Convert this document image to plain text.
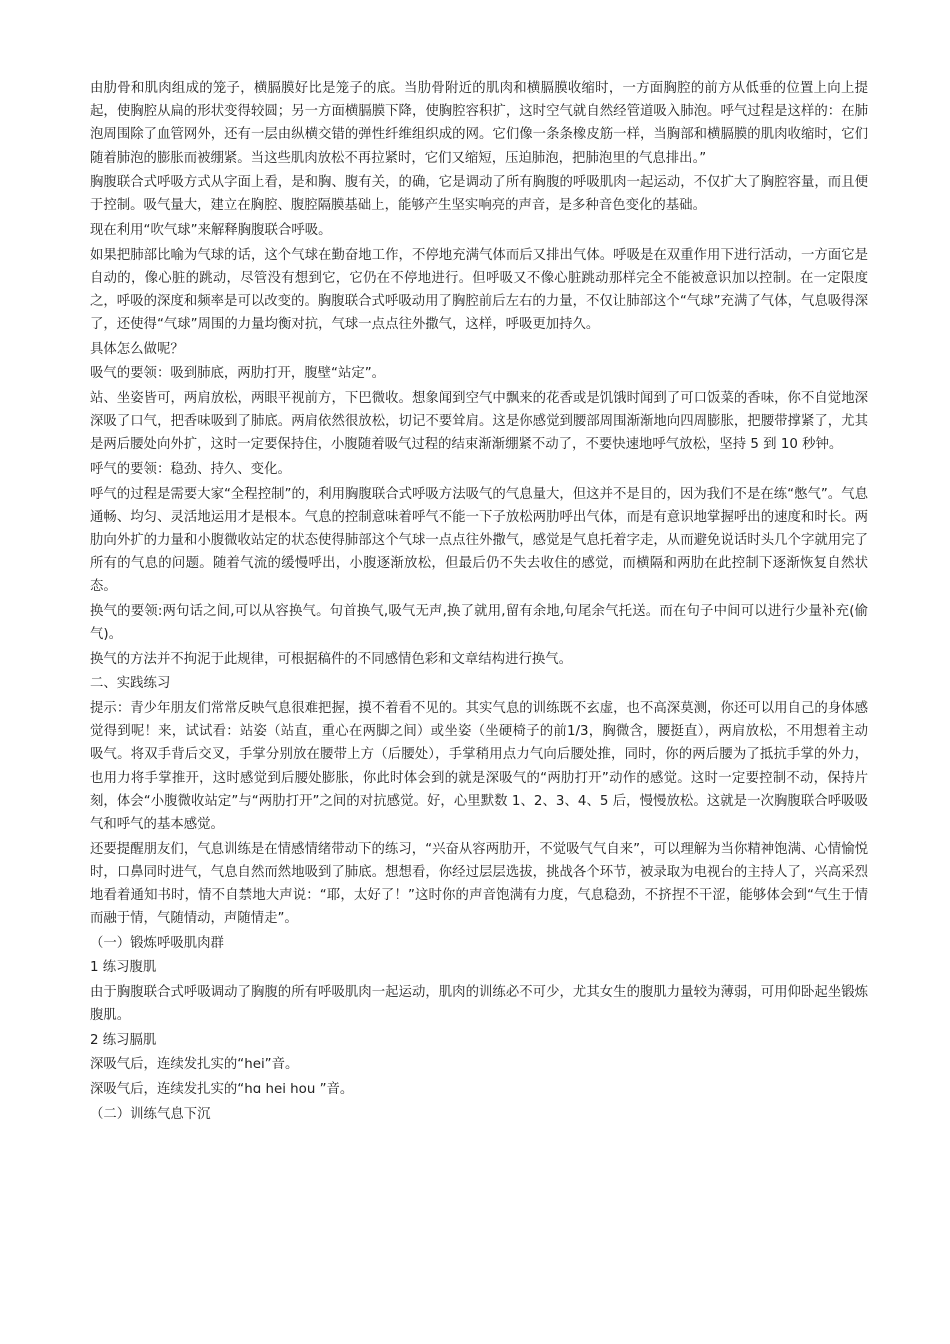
由肋骨和肌肉组成的笼子，横膈膜好比是笼子的底。当肋骨附近的肌肉和横膈膜收缩时，一方面胸腔的前方从低垂的位置上向上提起，使胸腔从扁的形状变得较圆；另一方面横膈膜下降，使胸腔容积扩，这时空气就自然经管道吸入肺泡。呼气过程是这样的：在肺泡周围除了血管网外，还有一层由纵横交错的弹性纤维组织成的网。它们像一条条橡皮筋一样，当胸部和横膈膜的肌肉收缩时，它们随着肺泡的膨胀而被绷紧。当这些肌肉放松不再拉紧时，它们又缩短，压迫肺泡，把肺泡里的气息排出。”

胸腹联合式呼吸方式从字面上看，是和胸、腹有关，的确，它是调动了所有胸腹的呼吸肌肉一起运动，不仅扩大了胸腔容量，而且便于控制。吸气量大，建立在胸腔、腹腔隔膜基础上，能够产生坚实响亮的声音，是多种音色变化的基础。

现在利用“吹气球”来解释胸腹联合呼吸。

如果把肺部比喻为气球的话，这个气球在勤奋地工作，不停地充满气体而后又排出气体。呼吸是在双重作用下进行活动，一方面它是自动的，像心脏的跳动，尽管没有想到它，它仍在不停地进行。但呼吸又不像心脏跳动那样完全不能被意识加以控制。在一定限度之，呼吸的深度和频率是可以改变的。胸腹联合式呼吸动用了胸腔前后左右的力量，不仅让肺部这个“气球”充满了气体，气息吸得深了，还使得“气球”周围的力量均衡对抗，气球一点点往外撒气，这样，呼吸更加持久。

具体怎么做呢？

吸气的要领：吸到肺底，两肋打开，腹壁“站定”。

站、坐姿皆可，两肩放松，两眼平视前方，下巴微收。想象闻到空气中飘来的花香或是饥饿时闻到了可口饭菜的香味，你不自觉地深深吸了口气，把香味吸到了肺底。两肩依然很放松，切记不要耸肩。这是你感觉到腰部周围渐渐地向四周膨胀，把腰带撑紧了，尤其是两后腰处向外扩，这时一定要保持住，小腹随着吸气过程的结束渐渐绷紧不动了，不要快速地呼气放松，坚持 5 到 10 秒钟。

呼气的要领：稳劲、持久、变化。

呼气的过程是需要大家“全程控制”的，利用胸腹联合式呼吸方法吸气的气息量大，但这并不是目的，因为我们不是在练“憋气”。气息通畅、均匀、灵活地运用才是根本。气息的控制意味着呼气不能一下子放松两肋呼出气体，而是有意识地掌握呼出的速度和时长。两肋向外扩的力量和小腹微收站定的状态使得肺部这个气球一点点往外撒气，感觉是气息托着字走，从而避免说话时头几个字就用完了所有的气息的问题。随着气流的缓慢呼出，小腹逐渐放松，但最后仍不失去收住的感觉，而横隔和两肋在此控制下逐渐恢复自然状态。

换气的要领:两句话之间,可以从容换气。句首换气,吸气无声,换了就用,留有余地,句尾余气托送。而在句子中间可以进行少量补充(偷气)。

换气的方法并不拘泥于此规律，可根据稿件的不同感情色彩和文章结构进行换气。

二、实践练习

提示：青少年朋友们常常反映气息很难把握，摸不着看不见的。其实气息的训练既不玄虚，也不高深莫测，你还可以用自己的身体感觉得到呢！来，试试看：站姿（站直，重心在两脚之间）或坐姿（坐硬椅子的前1/3，胸微含，腰挺直），两肩放松，不用想着主动吸气。将双手背后交叉，手掌分别放在腰带上方（后腰处），手掌稍用点力气向后腰处推，同时，你的两后腰为了抵抗手掌的外力，也用力将手掌推开，这时感觉到后腰处膨胀，你此时体会到的就是深吸气的“两肋打开”动作的感觉。这时一定要控制不动，保持片刻，体会“小腹微收站定”与“两肋打开”之间的对抗感觉。好，心里默数 1、2、3、4、5 后，慢慢放松。这就是一次胸腹联合呼吸吸气和呼气的基本感觉。

还要提醒朋友们，气息训练是在情感情绪带动下的练习，“兴奋从容两肋开，不觉吸气气自来”，可以理解为当你精神饱满、心情愉悦时，口鼻同时进气，气息自然而然地吸到了肺底。想想看，你经过层层选拔，挑战各个环节，被录取为电视台的主持人了，兴高采烈地看着通知书时，情不自禁地大声说：“耶，太好了！”这时你的声音饱满有力度，气息稳劲，不挤捏不干涩，能够体会到“气生于情而融于情，气随情动，声随情走”。

（一）锻炼呼吸肌肉群

1 练习腹肌

由于胸腹联合式呼吸调动了胸腹的所有呼吸肌肉一起运动，肌肉的训练必不可少，尤其女生的腹肌力量较为薄弱，可用仰卧起坐锻炼腹肌。

2 练习膈肌

深吸气后，连续发扎实的“hei”音。

深吸气后，连续发扎实的“hɑ hei hou ”音。

（二）训练气息下沉
